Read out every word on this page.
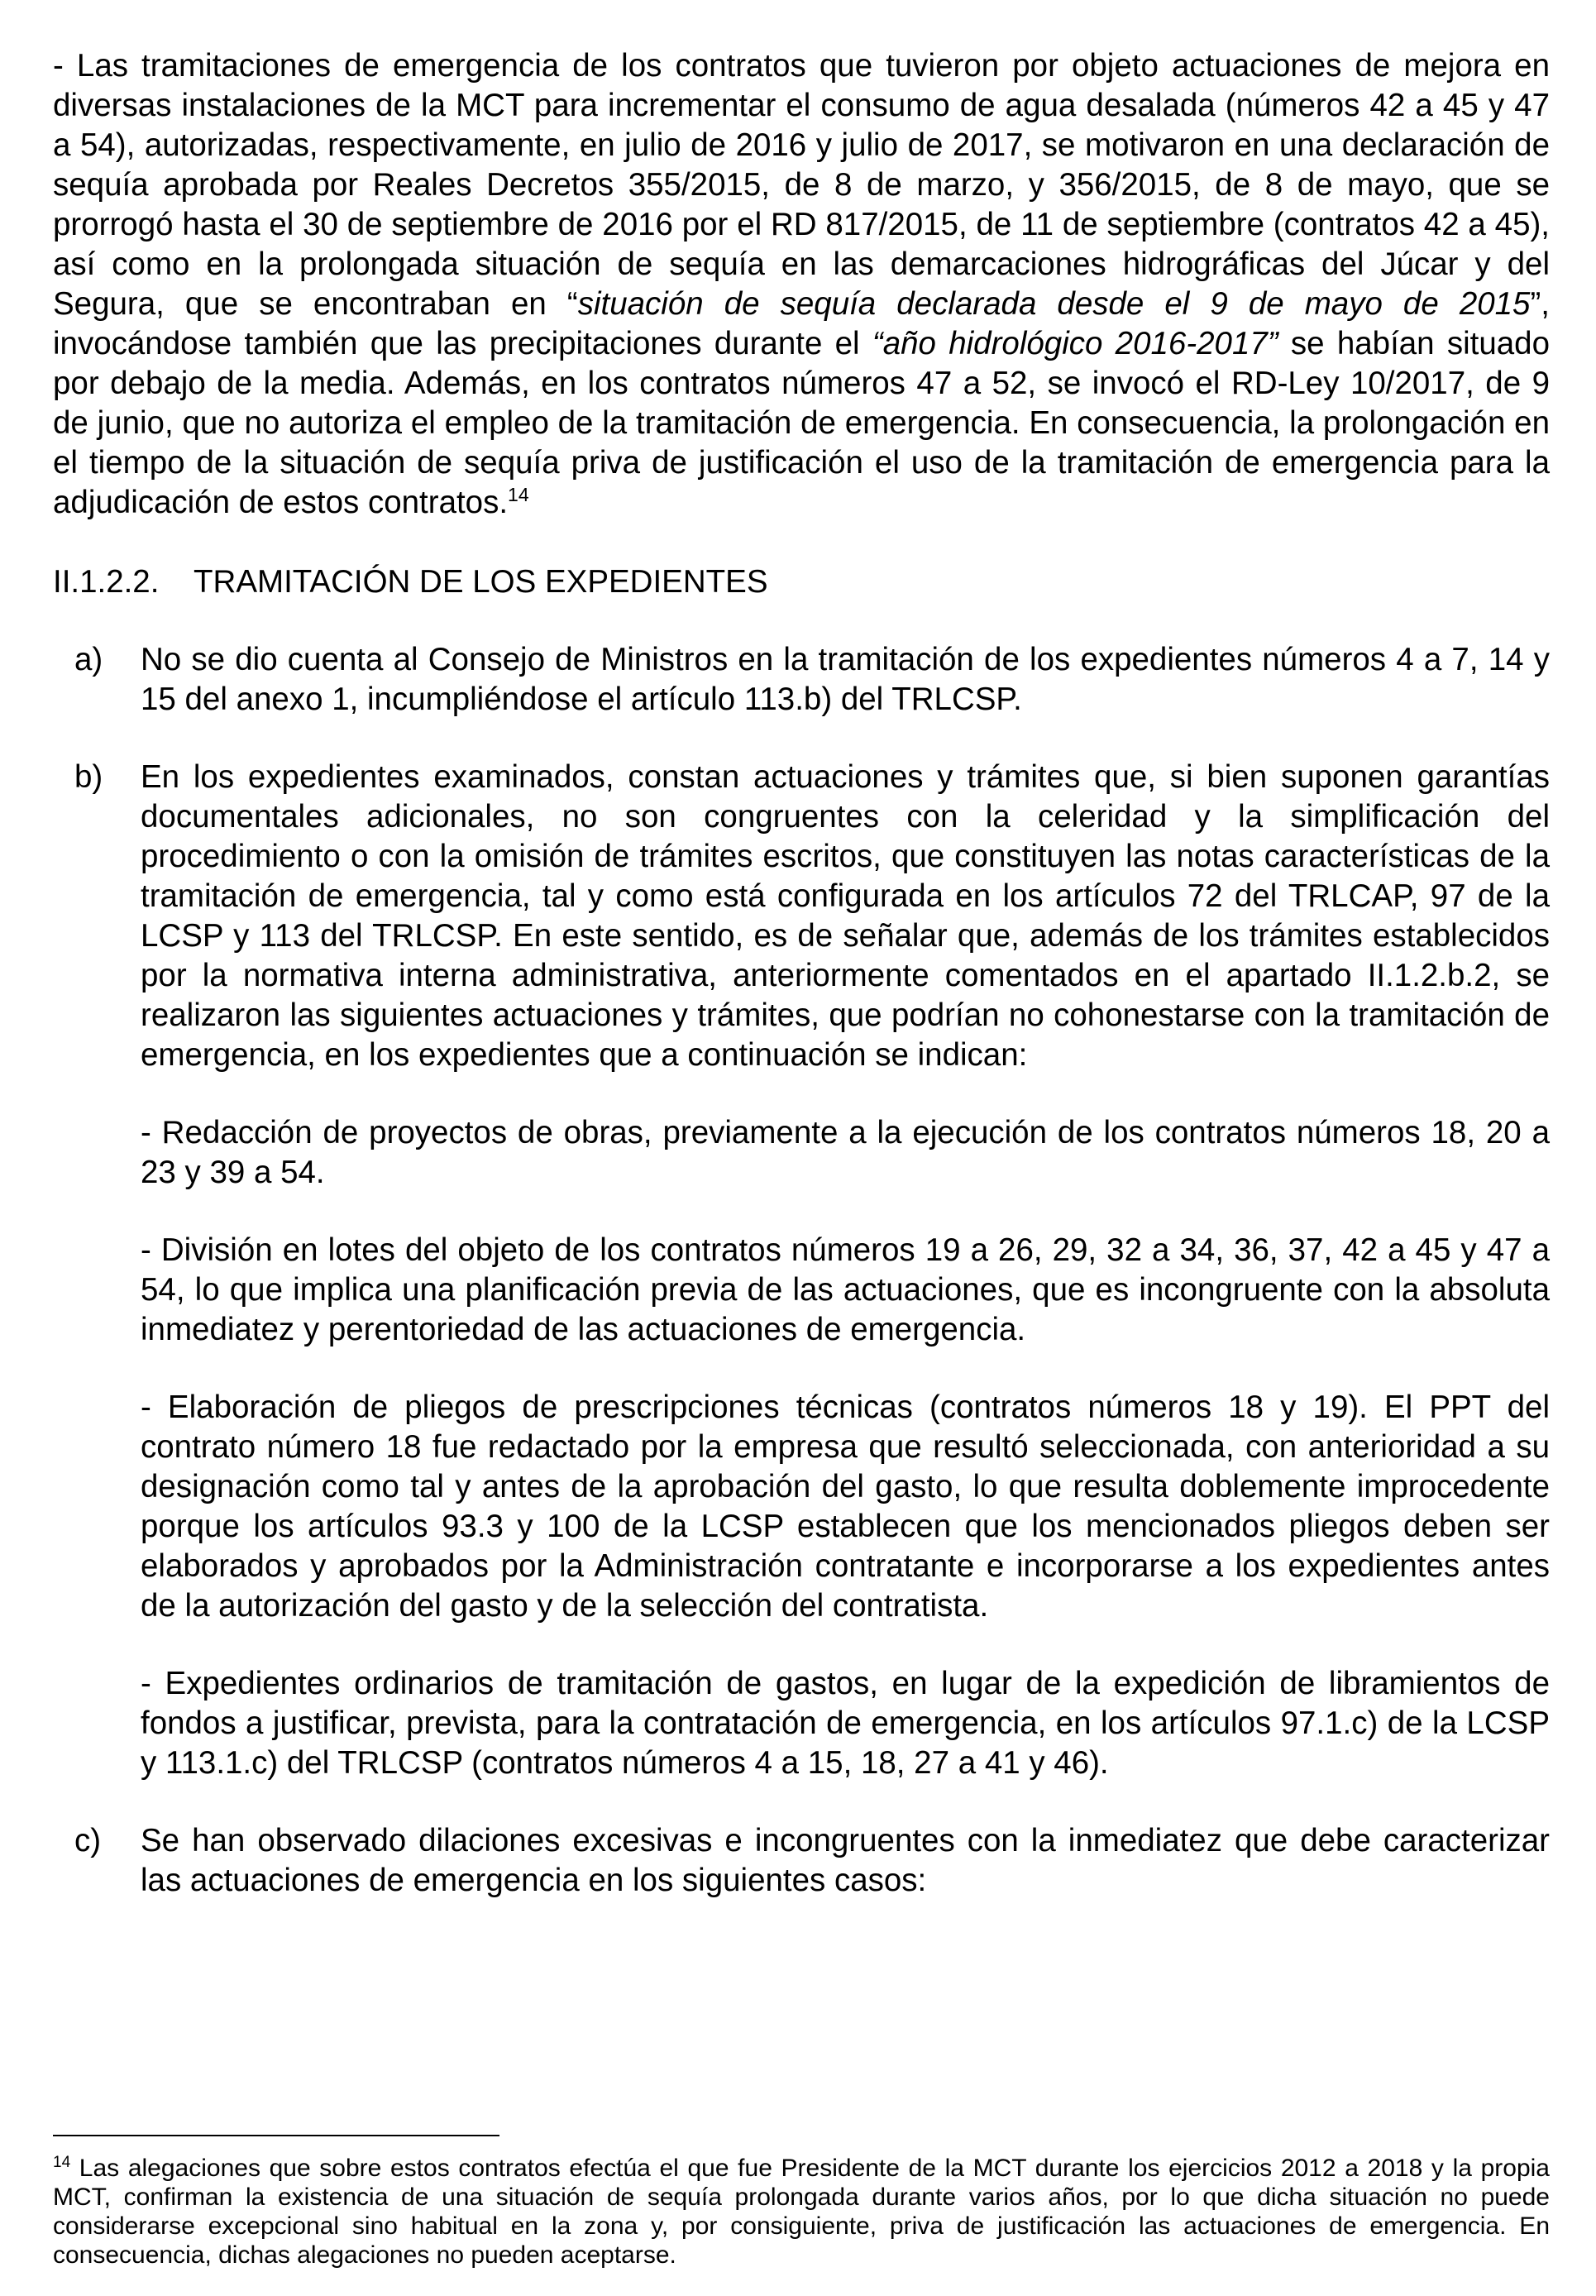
- Las tramitaciones de emergencia de los contratos que tuvieron por objeto actuaciones de mejora en diversas instalaciones de la MCT para incrementar el consumo de agua desalada (números 42 a 45 y 47 a 54), autorizadas, respectivamente, en julio de 2016 y julio de 2017, se motivaron en una declaración de sequía aprobada por Reales Decretos 355/2015, de 8 de marzo, y 356/2015, de 8 de mayo, que se prorrogó hasta el 30 de septiembre de 2016 por el RD 817/2015, de 11 de septiembre (contratos 42 a 45), así como en la prolongada situación de sequía en las demarcaciones hidrográficas del Júcar y del Segura, que se encontraban en “situación de sequía declarada desde el 9 de mayo de 2015”, invocándose también que las precipitaciones durante el “año hidrológico 2016-2017” se habían situado por debajo de la media. Además, en los contratos números 47 a 52, se invocó el RD-Ley 10/2017, de 9 de junio, que no autoriza el empleo de la tramitación de emergencia. En consecuencia, la prolongación en el tiempo de la situación de sequía priva de justificación el uso de la tramitación de emergencia para la adjudicación de estos contratos.$^{14}$

II.1.2.2.	TRAMITACIÓN DE LOS EXPEDIENTES
a)	No se dio cuenta al Consejo de Ministros en la tramitación de los expedientes números 4 a 7, 14 y 15 del anexo 1, incumpliéndose el artículo 113.b) del TRLCSP.

b)	En los expedientes examinados, constan actuaciones y trámites que, si bien suponen garantías documentales adicionales, no son congruentes con la celeridad y la simplificación del procedimiento o con la omisión de trámites escritos, que constituyen las notas características de la tramitación de emergencia, tal y como está configurada en los artículos 72 del TRLCAP, 97 de la LCSP y 113 del TRLCSP. En este sentido, es de señalar que, además de los trámites establecidos por la normativa interna administrativa, anteriormente comentados en el apartado II.1.2.b.2, se realizaron las siguientes actuaciones y trámites, que podrían no cohonestarse con la tramitación de emergencia, en los expedientes que a continuación se indican:

- Redacción de proyectos de obras, previamente a la ejecución de los contratos números 18, 20 a 23 y 39 a 54.

- División en lotes del objeto de los contratos números 19 a 26, 29, 32 a 34, 36, 37, 42 a 45 y 47 a 54, lo que implica una planificación previa de las actuaciones, que es incongruente con la absoluta inmediatez y perentoriedad de las actuaciones de emergencia.

- Elaboración de pliegos de prescripciones técnicas (contratos números 18 y 19). El PPT del contrato número 18 fue redactado por la empresa que resultó seleccionada, con anterioridad a su designación como tal y antes de la aprobación del gasto, lo que resulta doblemente improcedente porque los artículos 93.3 y 100 de la LCSP establecen que los mencionados pliegos deben ser elaborados y aprobados por la Administración contratante e incorporarse a los expedientes antes de la autorización del gasto y de la selección del contratista.

- Expedientes ordinarios de tramitación de gastos, en lugar de la expedición de libramientos de fondos a justificar, prevista, para la contratación de emergencia, en los artículos 97.1.c) de la LCSP y 113.1.c) del TRLCSP (contratos números 4 a 15, 18, 27 a 41 y 46).

c)	Se han observado dilaciones excesivas e incongruentes con la inmediatez que debe caracterizar las actuaciones de emergencia en los siguientes casos:

$^{14}$ Las alegaciones que sobre estos contratos efectúa el que fue Presidente de la MCT durante los ejercicios 2012 a 2018 y la propia MCT, confirman la existencia de una situación de sequía prolongada durante varios años, por lo que dicha situación no puede considerarse excepcional sino habitual en la zona y, por consiguiente, priva de justificación las actuaciones de emergencia. En consecuencia, dichas alegaciones no pueden aceptarse.
